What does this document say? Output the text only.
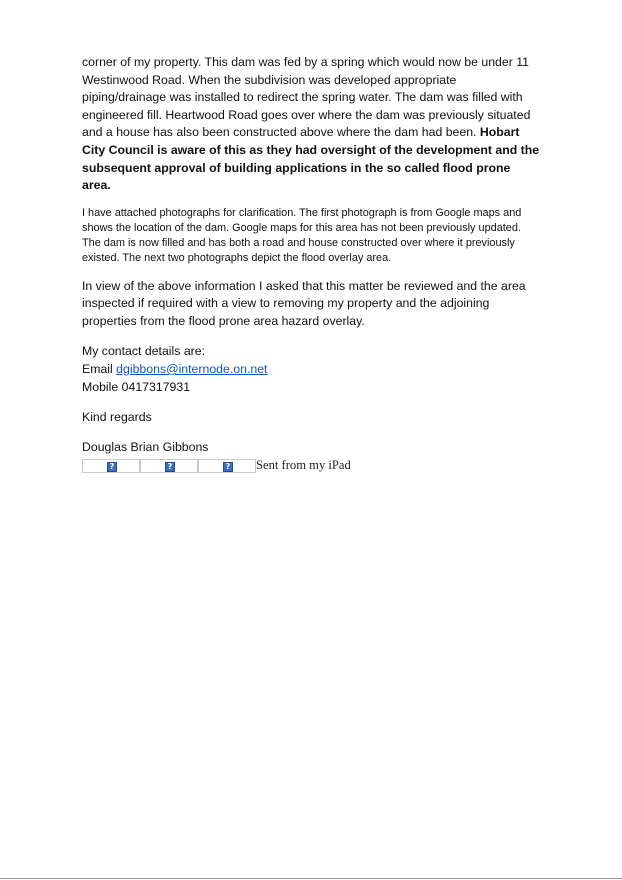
corner of my property. This dam was fed by a spring which would now be under 11 Westinwood Road. When the subdivision was developed appropriate piping/drainage was installed to redirect the spring water. The dam was filled with engineered fill. Heartwood Road goes over where the dam was previously situated and a house has also been constructed above where the dam had been. Hobart City Council is aware of this as they had oversight of the development and the subsequent approval of building applications in the so called flood prone area.

I have attached photographs for clarification. The first photograph is from Google maps and shows the location of the dam. Google maps for this area has not been previously updated. The dam is now filled and has both a road and house constructed over where it previously existed. The next two photographs depict the flood overlay area.

In view of the above information I asked that this matter be reviewed and the area inspected if required with a view to removing my property and the adjoining properties from the flood prone area hazard overlay.

My contact details are:
Email dgibbons@internode.on.net
Mobile 0417317931

Kind regards

Douglas Brian Gibbons

?	?	? Sent from my iPad
